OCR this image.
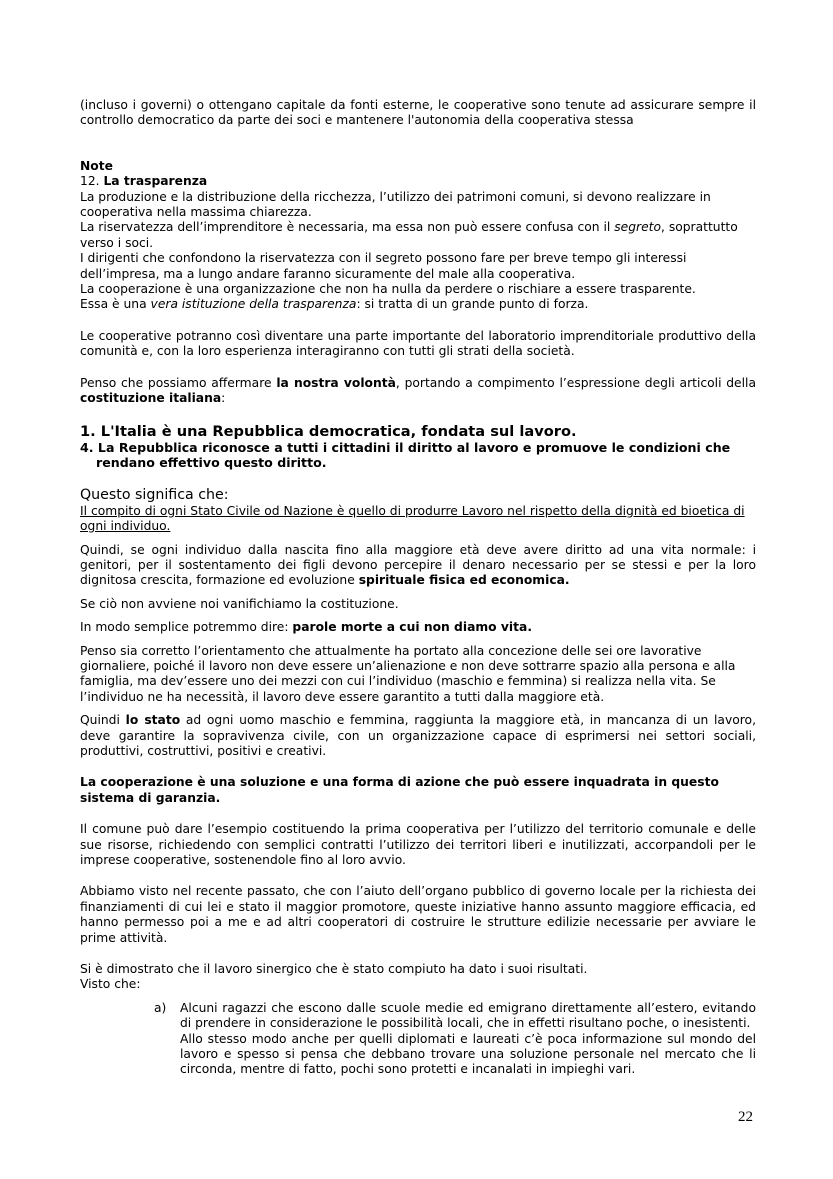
(incluso i governi) o ottengano capitale da fonti esterne, le cooperative sono tenute ad assicurare sempre il controllo democratico da parte dei soci e mantenere l'autonomia della cooperativa stessa

Note

12. La trasparenza

La produzione e la distribuzione della ricchezza, l’utilizzo dei patrimoni comuni, si devono realizzare in cooperativa nella massima chiarezza.

La riservatezza dell’imprenditore è necessaria, ma essa non può essere confusa con il segreto, soprattutto verso i soci.

I dirigenti che confondono la riservatezza con il segreto possono fare per breve tempo gli interessi dell’impresa, ma a lungo andare faranno sicuramente del male alla cooperativa.

La cooperazione è una organizzazione che non ha nulla da perdere o rischiare a essere trasparente.

Essa è una vera istituzione della trasparenza: si tratta di un grande punto di forza.

Le cooperative potranno così diventare una parte importante del laboratorio imprenditoriale produttivo della comunità e, con la loro esperienza interagiranno con tutti gli strati della società.

Penso che possiamo affermare la nostra volontà, portando a compimento l’espressione degli articoli della costituzione italiana:

1. L'Italia è una Repubblica democratica, fondata sul lavoro.

4. La Repubblica riconosce a tutti i cittadini il diritto al lavoro e promuove le condizioni che

rendano effettivo questo diritto.

Questo significa che:

Il compito di ogni Stato Civile od Nazione è quello di produrre Lavoro nel rispetto della dignità ed bioetica di ogni individuo.

Quindi, se ogni individuo dalla nascita fino alla maggiore età deve avere diritto ad una vita normale: i genitori, per il sostentamento dei figli devono percepire il denaro necessario per se stessi e per la loro dignitosa crescita, formazione ed evoluzione spirituale fisica ed economica.

Se ciò non avviene noi vanifichiamo la costituzione.

In modo semplice potremmo dire: parole morte a cui non diamo vita.

Penso sia corretto l’orientamento che attualmente ha portato alla concezione delle sei ore lavorative giornaliere, poiché il lavoro non deve essere un’alienazione e non deve sottrarre spazio alla persona e alla famiglia, ma dev’essere uno dei mezzi con cui l’individuo (maschio e femmina) si realizza nella vita. Se l’individuo ne ha necessità, il lavoro deve essere garantito a tutti dalla maggiore età.

Quindi lo stato ad ogni uomo maschio e femmina, raggiunta la maggiore età, in mancanza di un lavoro, deve garantire la sopravivenza civile, con un organizzazione capace di esprimersi nei settori sociali, produttivi, costruttivi, positivi e creativi.

La cooperazione è una soluzione e una forma di azione che può essere inquadrata in questo sistema di garanzia.

Il comune può dare l’esempio costituendo la prima cooperativa per l’utilizzo del territorio comunale e delle sue risorse, richiedendo con semplici contratti l’utilizzo dei territori liberi e inutilizzati, accorpandoli per le imprese cooperative, sostenendole fino al loro avvio.

Abbiamo visto nel recente passato, che con l’aiuto dell’organo pubblico di governo locale per la richiesta dei finanziamenti di cui lei e stato il maggior promotore, queste iniziative hanno assunto maggiore efficacia, ed hanno permesso poi a me e ad altri cooperatori di costruire le strutture edilizie necessarie per avviare le prime attività.

Si è dimostrato che il lavoro sinergico che è stato compiuto ha dato i suoi risultati.

Visto che:

a)	Alcuni ragazzi che escono dalle scuole medie ed emigrano direttamente all’estero, evitando di prendere in considerazione le possibilità locali, che in effetti risultano poche, o inesistenti.

Allo stesso modo anche per quelli diplomati e laureati c’è poca informazione sul mondo del lavoro e spesso si pensa che debbano trovare una soluzione personale nel mercato che li circonda, mentre di fatto, pochi sono protetti e incanalati in impieghi vari.

22
